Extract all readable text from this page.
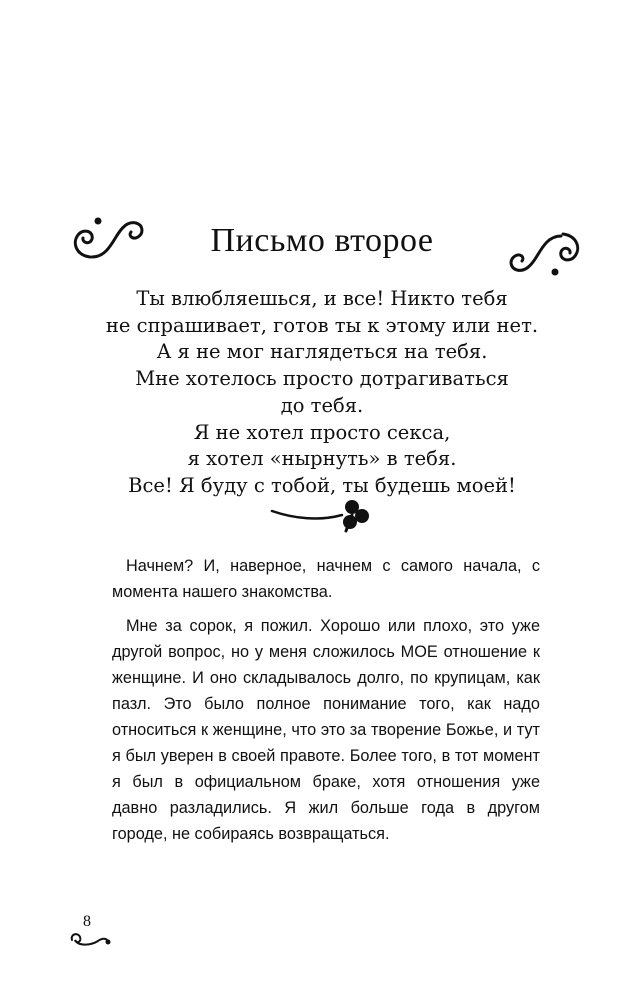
Письмо второе
Ты влюбляешься, и все! Никто тебя
не спрашивает, готов ты к этому или нет.
А я не мог наглядеться на тебя.
Мне хотелось просто дотрагиваться
до тебя.
Я не хотел просто секса,
я хотел «нырнуть» в тебя.
Все! Я буду с тобой, ты будешь моей!

Начнем? И, наверное, начнем с самого начала, с момента нашего знакомства.

Мне за сорок, я пожил. Хорошо или плохо, это уже другой вопрос, но у меня сложилось МОЕ отношение к женщине. И оно складывалось долго, по крупицам, как пазл. Это было полное понимание того, как надо относиться к женщине, что это за творение Божье, и тут я был уверен в своей правоте. Более того, в тот момент я был в официальном браке, хотя отношения уже давно разладились. Я жил больше года в другом городе, не собираясь возвращаться.

8
